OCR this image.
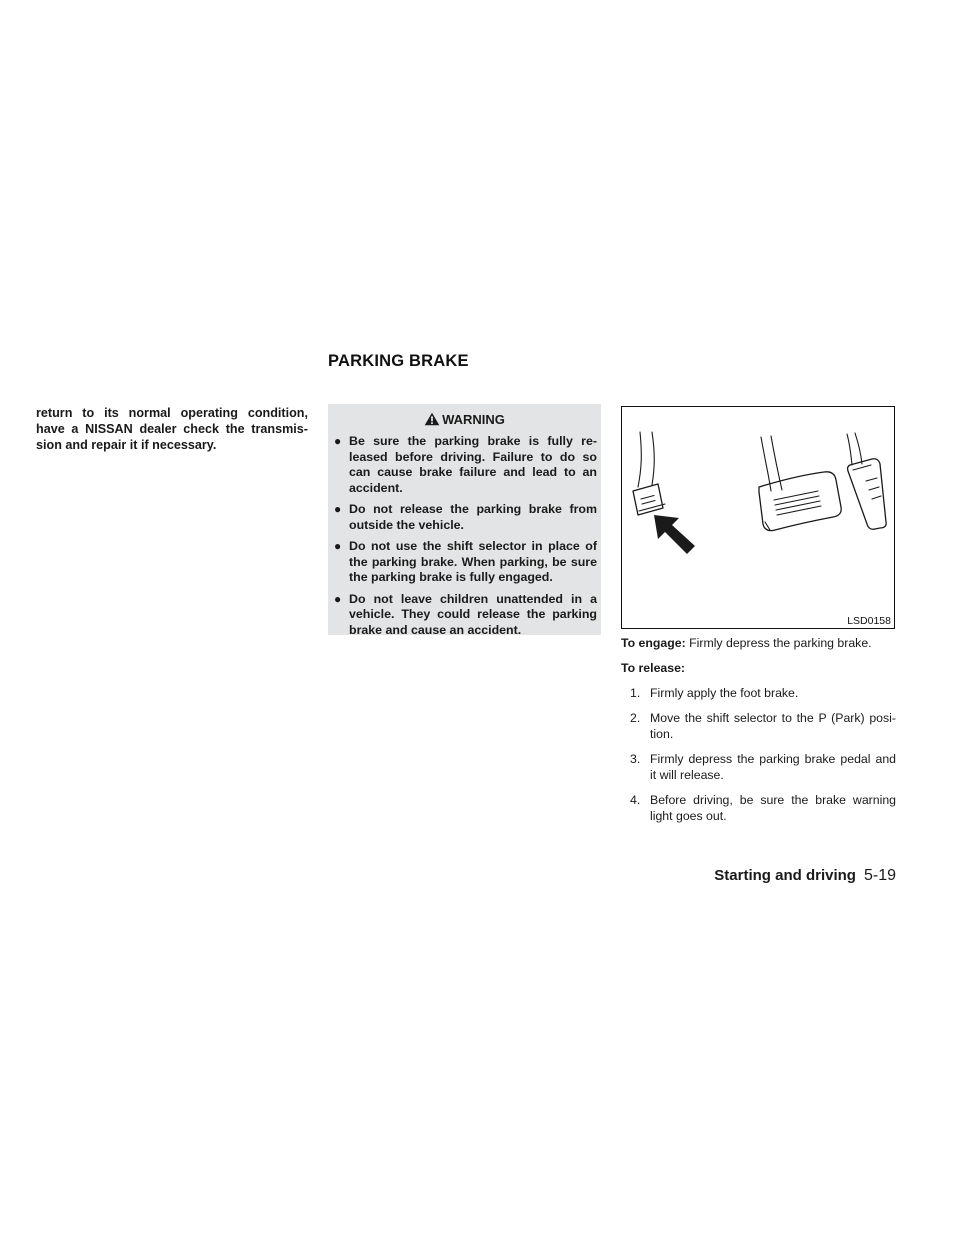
PARKING BRAKE
return to its normal operating condition, have a NISSAN dealer check the transmis- sion and repair it if necessary.
WARNING
● Be sure the parking brake is fully re- leased before driving. Failure to do so can cause brake failure and lead to an accident.
● Do not release the parking brake from outside the vehicle.
● Do not use the shift selector in place of the parking brake. When parking, be sure the parking brake is fully engaged.
● Do not leave children unattended in a vehicle. They could release the parking brake and cause an accident.
LSD0158

To engage: Firmly depress the parking brake.

To release:

1. Firmly apply the foot brake.
2. Move the shift selector to the P (Park) posi- tion.
3. Firmly depress the parking brake pedal and it will release.
4. Before driving, be sure the brake warning light goes out.
Starting and driving 5-19
